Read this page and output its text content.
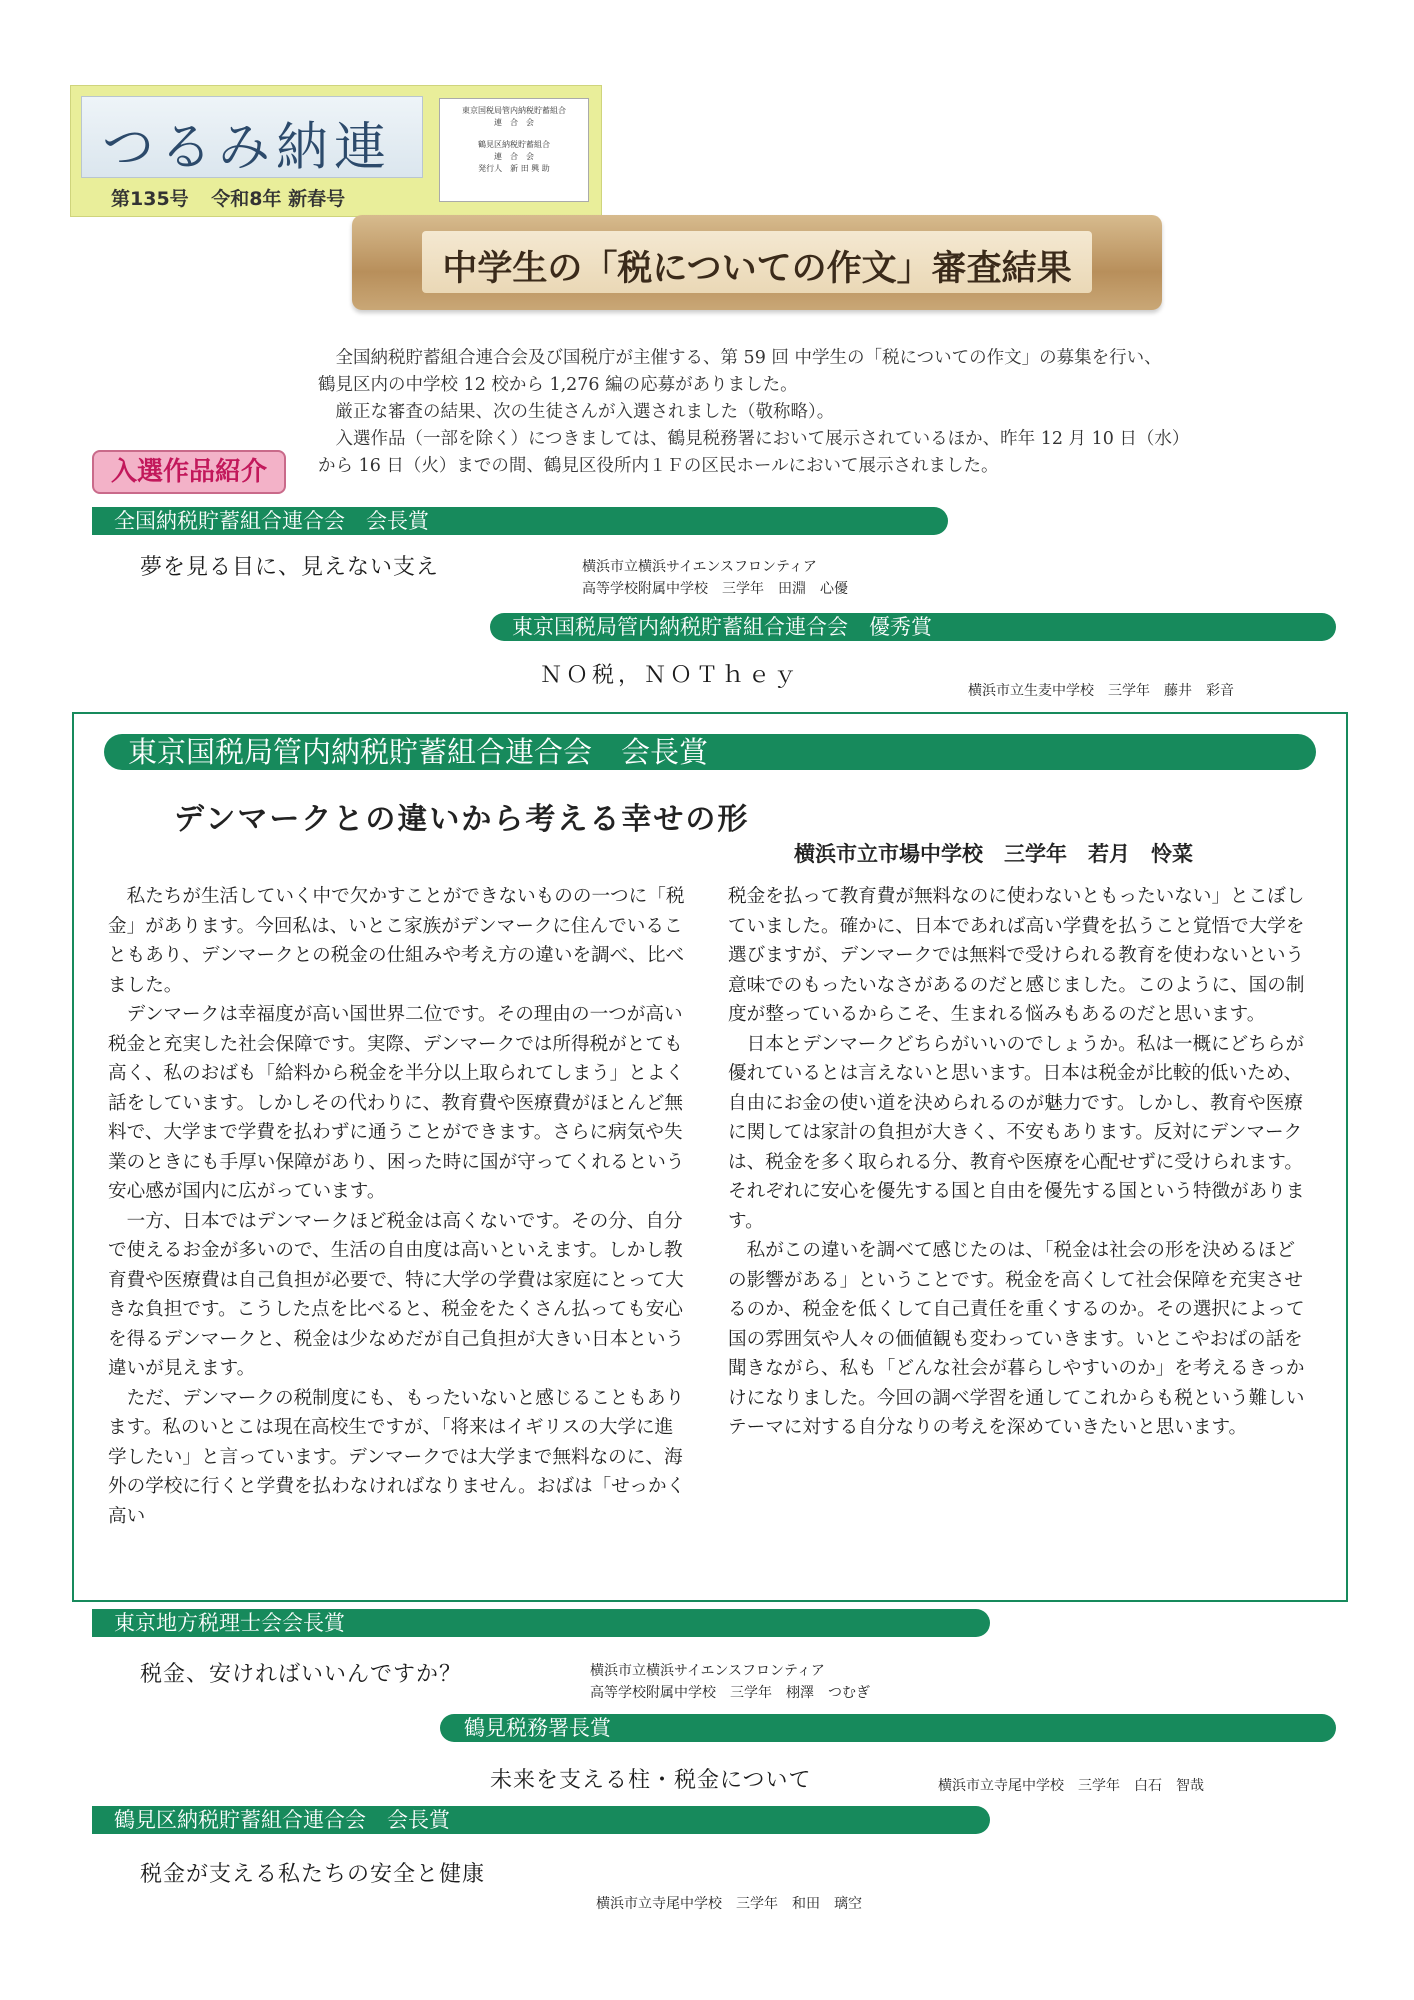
つるみ納連
第135号 令和8年 新春号
東京国税局管内納税貯蓄組合
連　合　会
鶴見区納税貯蓄組合
連　合　会
発行人　新 田 興 助
中学生の「税についての作文」審査結果

全国納税貯蓄組合連合会及び国税庁が主催する、第 59 回 中学生の「税についての作文」の募集を行い、

鶴見区内の中学校 12 校から 1,276 編の応募がありました。

厳正な審査の結果、次の生徒さんが入選されました（敬称略）。

入選作品（一部を除く）につきましては、鶴見税務署において展示されているほか、昨年 12 月 10 日（水）

から 16 日（火）までの間、鶴見区役所内１Ｆの区民ホールにおいて展示されました。

入選作品紹介
全国納税貯蓄組合連合会　会長賞
夢を見る目に、見えない支え	横浜市立横浜サイエンスフロンティア
高等学校附属中学校　三学年　田淵　心優
東京国税局管内納税貯蓄組合連合会　優秀賞
ＮＯ税，ＮＯＴｈｅｙ
横浜市立生麦中学校　三学年　藤井　彩音
東京国税局管内納税貯蓄組合連合会　会長賞
デンマークとの違いから考える幸せの形
横浜市立市場中学校　三学年　若月　怜菜

私たちが生活していく中で欠かすことができないものの一つに「税金」があります。今回私は、いとこ家族がデンマークに住んでいることもあり、デンマークとの税金の仕組みや考え方の違いを調べ、比べました。

デンマークは幸福度が高い国世界二位です。その理由の一つが高い税金と充実した社会保障です。実際、デンマークでは所得税がとても高く、私のおばも「給料から税金を半分以上取られてしまう」とよく話をしています。しかしその代わりに、教育費や医療費がほとんど無料で、大学まで学費を払わずに通うことができます。さらに病気や失業のときにも手厚い保障があり、困った時に国が守ってくれるという安心感が国内に広がっています。

一方、日本ではデンマークほど税金は高くないです。その分、自分で使えるお金が多いので、生活の自由度は高いといえます。しかし教育費や医療費は自己負担が必要で、特に大学の学費は家庭にとって大きな負担です。こうした点を比べると、税金をたくさん払っても安心を得るデンマークと、税金は少なめだが自己負担が大きい日本という違いが見えます。

ただ、デンマークの税制度にも、もったいないと感じることもあります。私のいとこは現在高校生ですが、「将来はイギリスの大学に進学したい」と言っています。デンマークでは大学まで無料なのに、海外の学校に行くと学費を払わなければなりません。おばは「せっかく高い

税金を払って教育費が無料なのに使わないともったいない」とこぼしていました。確かに、日本であれば高い学費を払うこと覚悟で大学を選びますが、デンマークでは無料で受けられる教育を使わないという意味でのもったいなさがあるのだと感じました。このように、国の制度が整っているからこそ、生まれる悩みもあるのだと思います。

日本とデンマークどちらがいいのでしょうか。私は一概にどちらが優れているとは言えないと思います。日本は税金が比較的低いため、自由にお金の使い道を決められるのが魅力です。しかし、教育や医療に関しては家計の負担が大きく、不安もあります。反対にデンマークは、税金を多く取られる分、教育や医療を心配せずに受けられます。それぞれに安心を優先する国と自由を優先する国という特徴があります。

私がこの違いを調べて感じたのは、「税金は社会の形を決めるほどの影響がある」ということです。税金を高くして社会保障を充実させるのか、税金を低くして自己責任を重くするのか。その選択によって国の雰囲気や人々の価値観も変わっていきます。いとこやおばの話を聞きながら、私も「どんな社会が暮らしやすいのか」を考えるきっかけになりました。今回の調べ学習を通してこれからも税という難しいテーマに対する自分なりの考えを深めていきたいと思います。

東京地方税理士会会長賞
税金、安ければいいんですか？	横浜市立横浜サイエンスフロンティア
高等学校附属中学校　三学年　栩澤　つむぎ
鶴見税務署長賞
未来を支える柱・税金について	横浜市立寺尾中学校　三学年　白石　智哉
鶴見区納税貯蓄組合連合会　会長賞
税金が支える私たちの安全と健康
横浜市立寺尾中学校　三学年　和田　璃空
